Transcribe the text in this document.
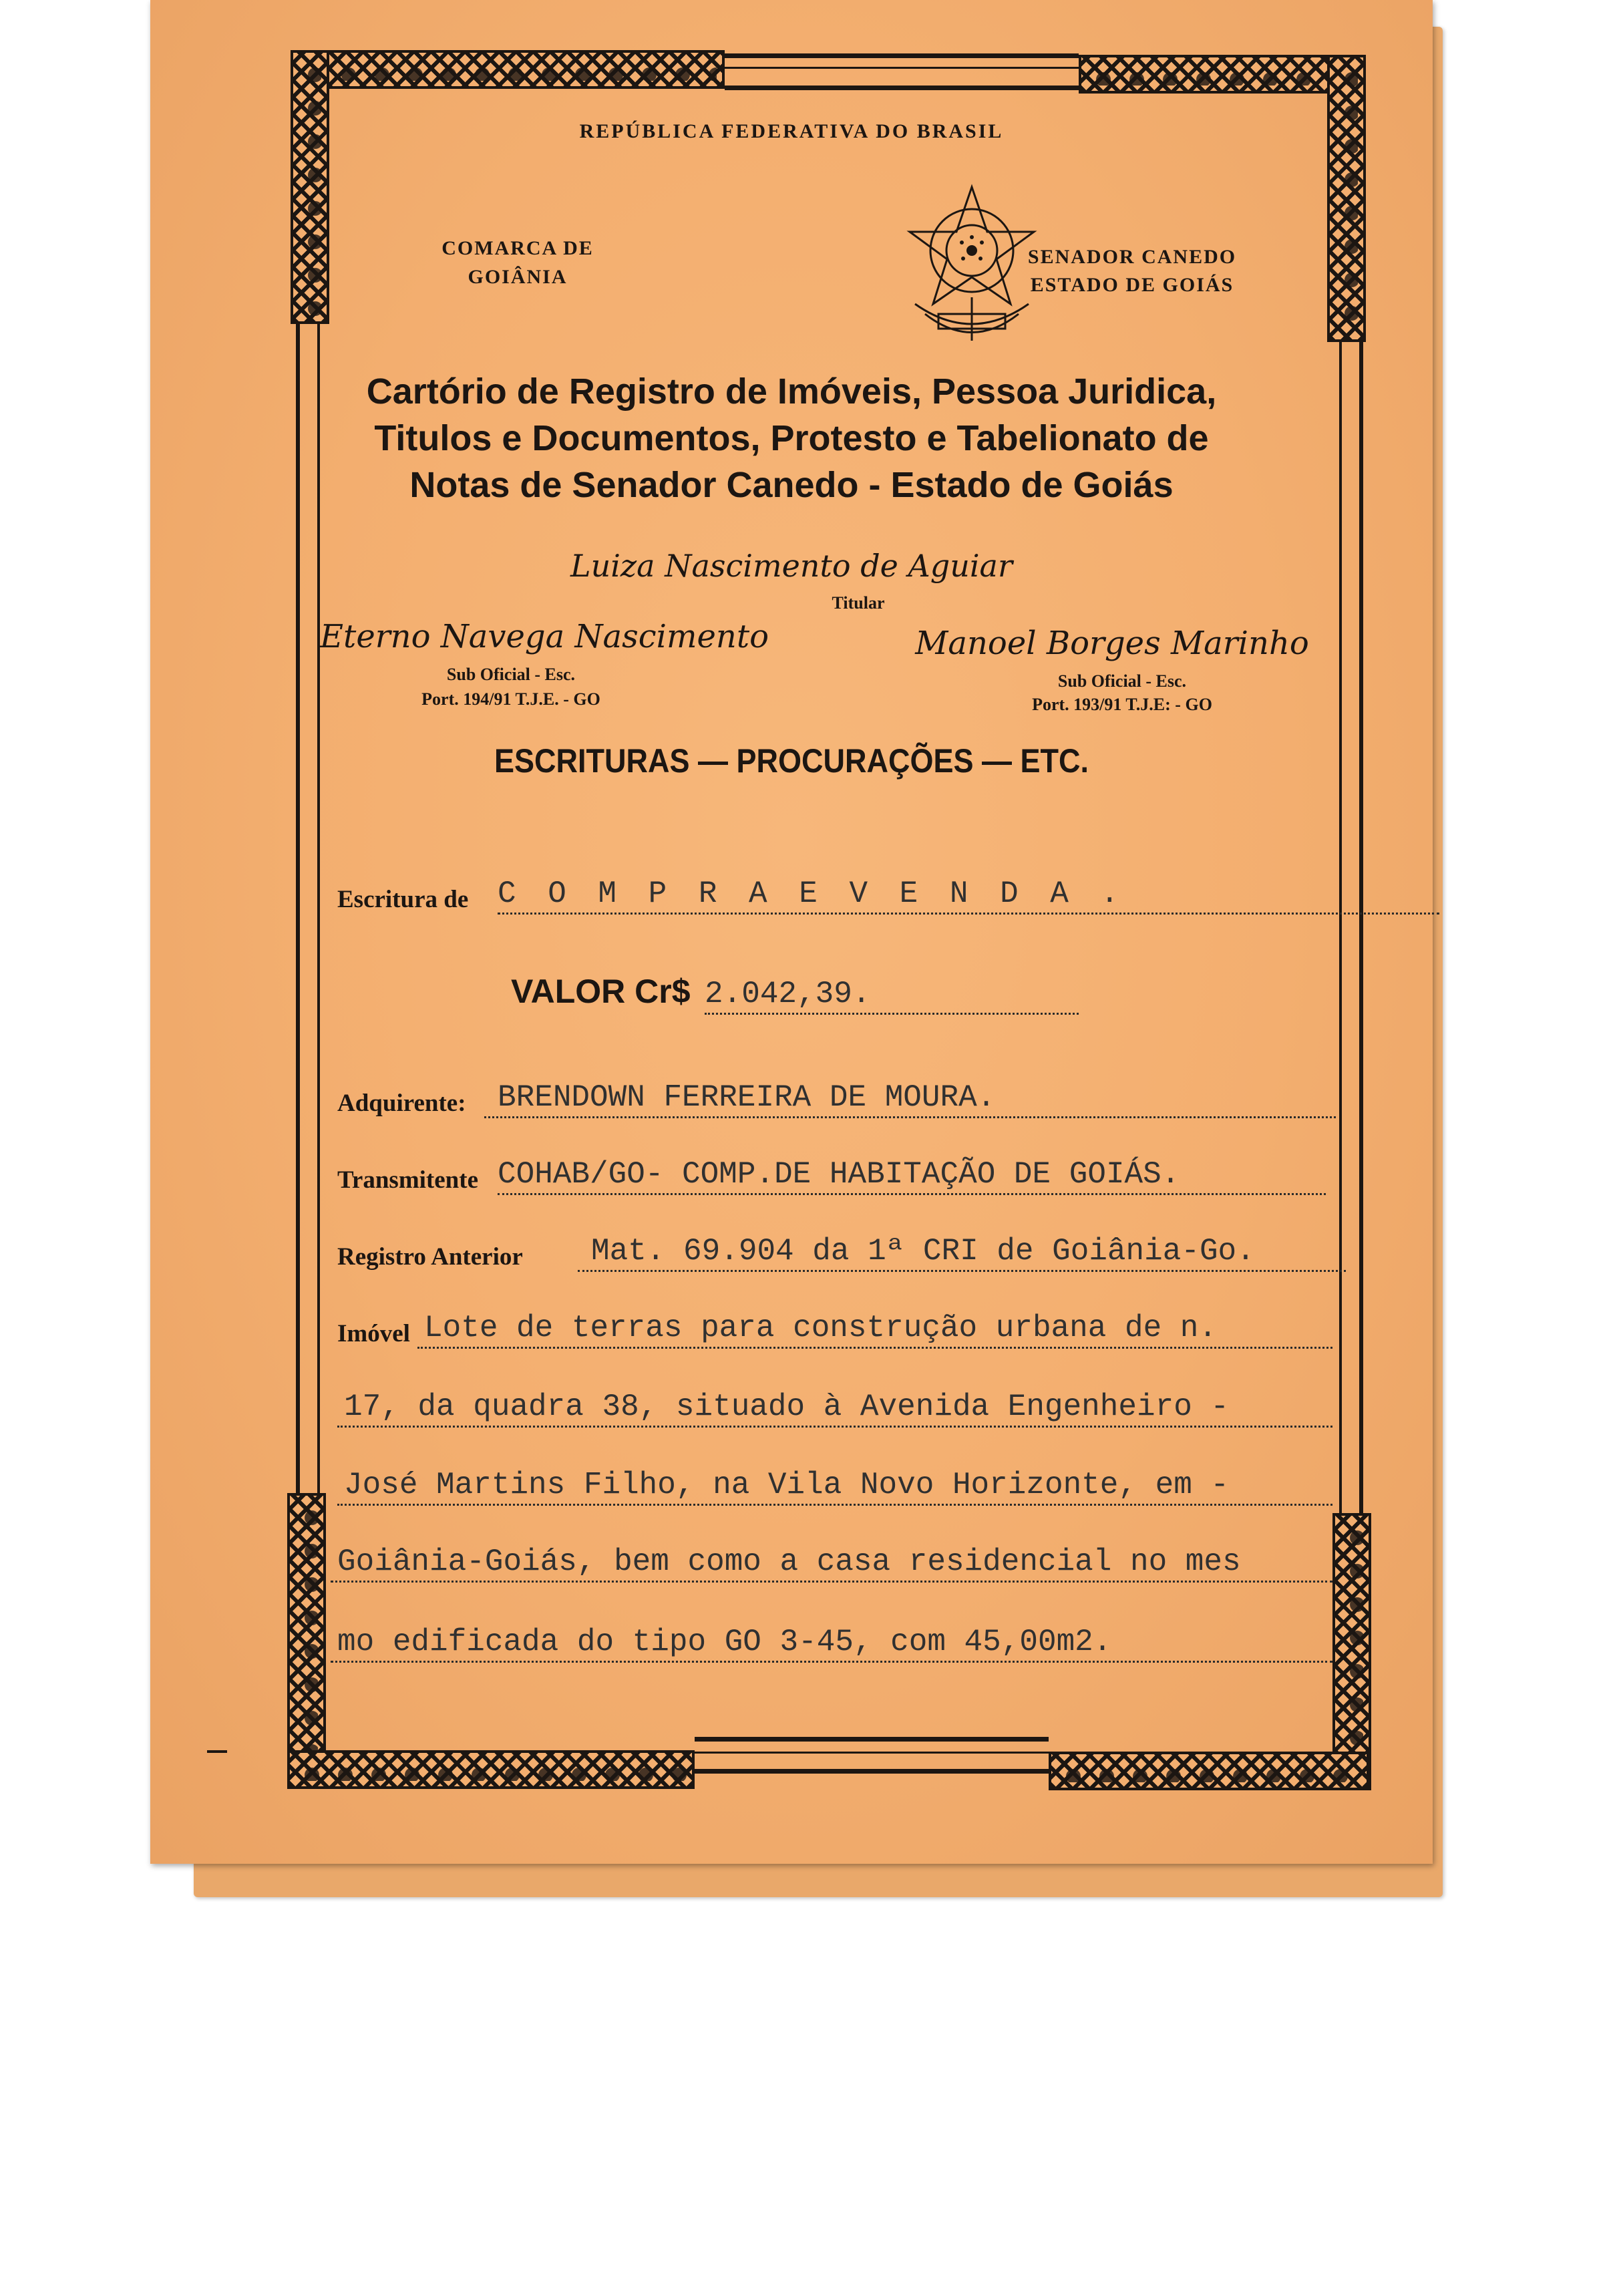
REPÚBLICA FEDERATIVA DO BRASIL
COMARCA DE
GOIÂNIA
SENADOR CANEDO
ESTADO DE GOIÁS
Cartório de Registro de Imóveis, Pessoa Juridica,
Titulos e Documentos, Protesto e Tabelionato de
Notas de Senador Canedo - Estado de Goiás
Luiza Nascimento de Aguiar
Titular
Eterno Navega Nascimento
Sub Oficial - Esc.
Port. 194/91 T.J.E. - GO
Manoel Borges Marinho
Sub Oficial - Esc.
Port. 193/91 T.J.E: - GO
ESCRITURAS — PROCURAÇÕES — ETC.
Escritura de C O M P R A E V E N D A .
VALOR Cr$ 2.042,39.
Adquirente:	BRENDOWN FERREIRA DE MOURA.
Transmitente COHAB/GO- COMP.DE HABITAÇÃO DE GOIÁS.
Registro Anterior	Mat. 69.904 da 1ª CRI de Goiânia-Go.
Imóvel Lote de terras para construção urbana de n.
17, da quadra 38, situado à Avenida Engenheiro -
José Martins Filho, na Vila Novo Horizonte, em -
Goiânia-Goiás, bem como a casa residencial no mes
mo edificada do tipo GO 3-45, com 45,00m2.
